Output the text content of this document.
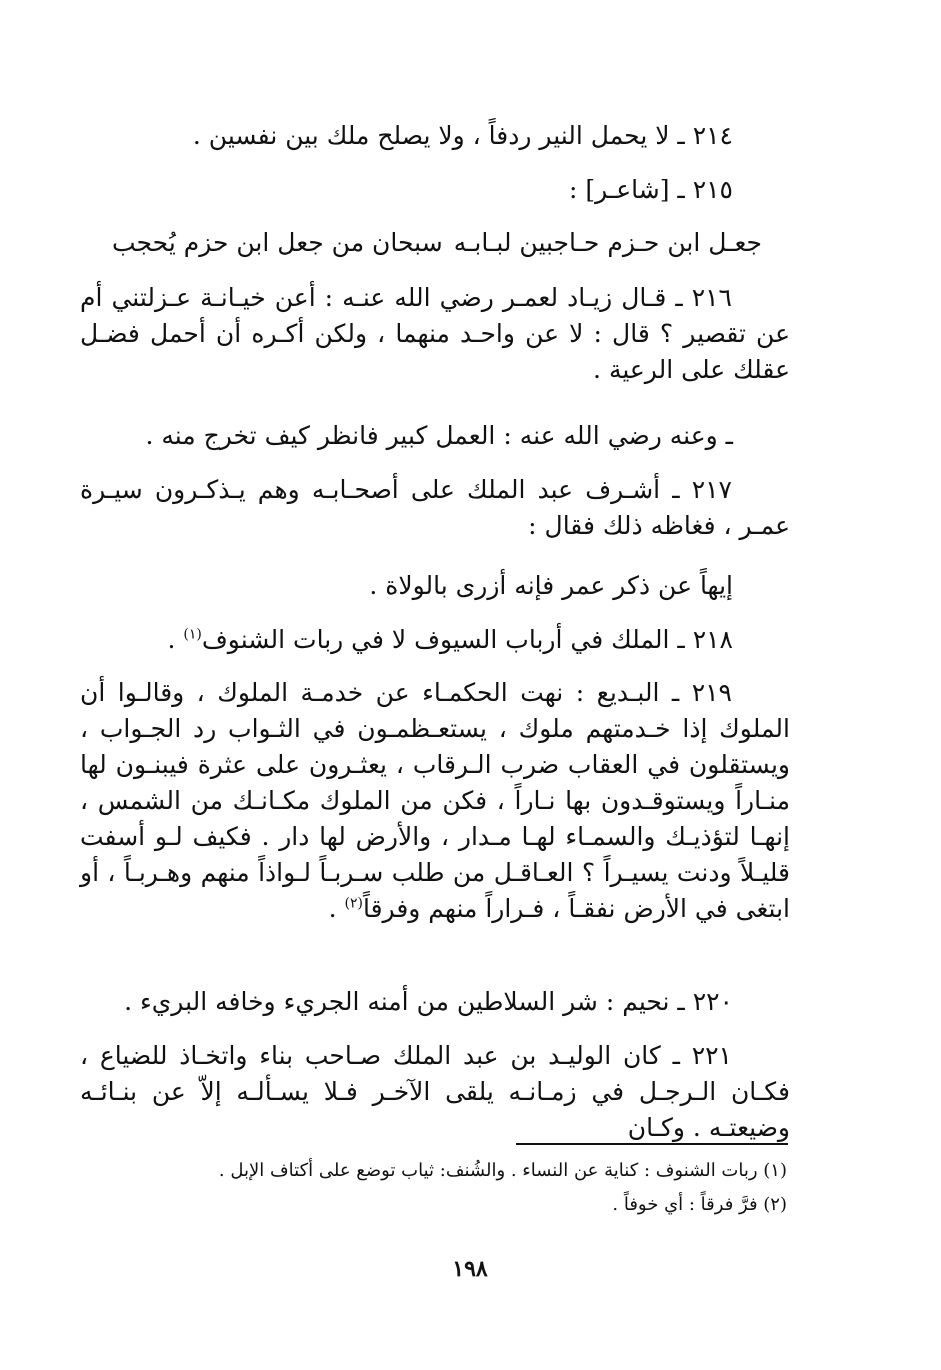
٢١٤ ـ لا يحمل النير ردفاً ، ولا يصلح ملك بين نفسين .
٢١٥ ـ [شاعـر] :
جعـل ابن حـزم حـاجبين لبـابـه
سبحان من جعل ابن حزم يُحجب
٢١٦ ـ قـال زيـاد لعمـر رضي الله عنـه : أعن خيـانـة عـزلتني أم عن تقصير ؟ قال : لا عن واحـد منهما ، ولكن أكـره أن أحمل فضـل عقلك على الرعية .
ـ وعنه رضي الله عنه : العمل كبير فانظر كيف تخرج منه .
٢١٧ ـ أشـرف عبد الملك على أصحـابـه وهم يـذكـرون سيـرة عمـر ، فغاظه ذلك فقال :
إيهاً عن ذكر عمر فإنه أزرى بالولاة .
٢١٨ ـ الملك في أرباب السيوف لا في ربات الشنوف$^{(١)}$ .
٢١٩ ـ البـديع : نهت الحكمـاء عن خدمـة الملوك ، وقالـوا أن الملوك إذا خـدمتهم ملوك ، يستعـظمـون في الثـواب رد الجـواب ، ويستقلون في العقاب ضرب الـرقاب ، يعثـرون على عثرة فيبنـون لها منـاراً ويستوقـدون بها نـاراً ، فكن من الملوك مكـانـك من الشمس ، إنهـا لتؤذيـك والسمـاء لهـا مـدار ، والأرض لها دار . فكيف لـو أسفت قليـلاً ودنت يسيـراً ؟ العـاقـل من طلب سـربـاً لـواذاً منهم وهـربـاً ، أو ابتغى في الأرض نفقـاً ، فـراراً منهم وفرقاً$^{(٢)}$ .
٢٢٠ ـ نحيم : شر السلاطين من أمنه الجريء وخافه البريء .
٢٢١ ـ كان الوليـد بن عبد الملك صـاحب بناء واتخـاذ للضياع ، فكـان الـرجـل في زمـانـه يلقى الآخـر فـلا يسـألـه إلاّ عن بنـائـه وضيعتـه . وكـان
(١) ربات الشنوف : كناية عن النساء . والشُنف: ثياب توضع على أكتاف الإبل .
(٢) فرَّ فرقاً : أي خوفاً .
١٩٨
